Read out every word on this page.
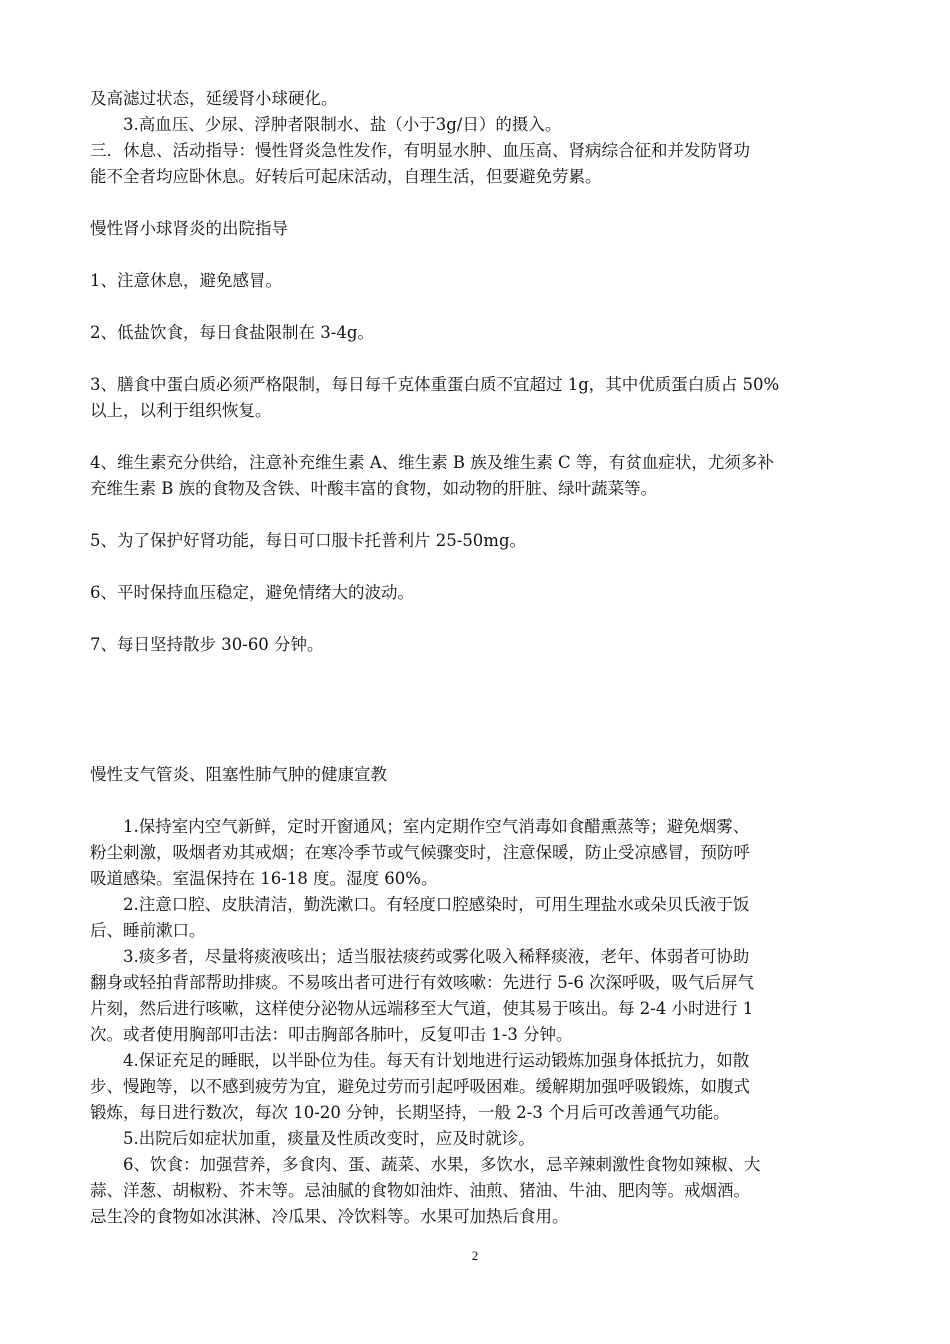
及高滤过状态，延缓肾小球硬化。

3.高血压、少尿、浮肿者限制水、盐（小于3g/日）的摄入。

三．休息、活动指导：慢性肾炎急性发作，有明显水肿、血压高、肾病综合征和并发防肾功

能不全者均应卧休息。好转后可起床活动，自理生活，但要避免劳累。

慢性肾小球肾炎的出院指导

1、注意休息，避免感冒。

2、低盐饮食，每日食盐限制在 3-4g。

3、膳食中蛋白质必须严格限制，每日每千克体重蛋白质不宜超过 1g，其中优质蛋白质占 50%

以上，以利于组织恢复。

4、维生素充分供给，注意补充维生素 A、维生素 B 族及维生素 C 等，有贫血症状，尤须多补

充维生素 B 族的食物及含铁、叶酸丰富的食物，如动物的肝脏、绿叶蔬菜等。

5、为了保护好肾功能，每日可口服卡托普利片 25-50mg。

6、平时保持血压稳定，避免情绪大的波动。

7、每日坚持散步 30-60 分钟。

慢性支气管炎、阻塞性肺气肿的健康宣教

1.保持室内空气新鲜，定时开窗通风；室内定期作空气消毒如食醋熏蒸等；避免烟雾、

粉尘刺激，吸烟者劝其戒烟；在寒冷季节或气候骤变时，注意保暖，防止受凉感冒，预防呼

吸道感染。室温保持在 16-18 度。湿度 60%。

2.注意口腔、皮肤清洁，勤洗漱口。有轻度口腔感染时，可用生理盐水或朵贝氏液于饭

后、睡前漱口。

3.痰多者，尽量将痰液咳出；适当服祛痰药或雾化吸入稀释痰液，老年、体弱者可协助

翻身或轻拍背部帮助排痰。不易咳出者可进行有效咳嗽：先进行 5-6 次深呼吸，吸气后屏气

片刻，然后进行咳嗽，这样使分泌物从远端移至大气道，使其易于咳出。每 2-4 小时进行 1

次。或者使用胸部叩击法：叩击胸部各肺叶，反复叩击 1-3 分钟。

4.保证充足的睡眠，以半卧位为佳。每天有计划地进行运动锻炼加强身体抵抗力，如散

步、慢跑等，以不感到疲劳为宜，避免过劳而引起呼吸困难。缓解期加强呼吸锻炼，如腹式

锻炼，每日进行数次，每次 10-20 分钟，长期坚持，一般 2-3 个月后可改善通气功能。

5.出院后如症状加重，痰量及性质改变时，应及时就诊。

6、饮食：加强营养，多食肉、蛋、蔬菜、水果，多饮水，忌辛辣刺激性食物如辣椒、大

蒜、洋葱、胡椒粉、芥末等。忌油腻的食物如油炸、油煎、猪油、牛油、肥肉等。戒烟酒。

忌生冷的食物如冰淇淋、冷瓜果、冷饮料等。水果可加热后食用。

2
